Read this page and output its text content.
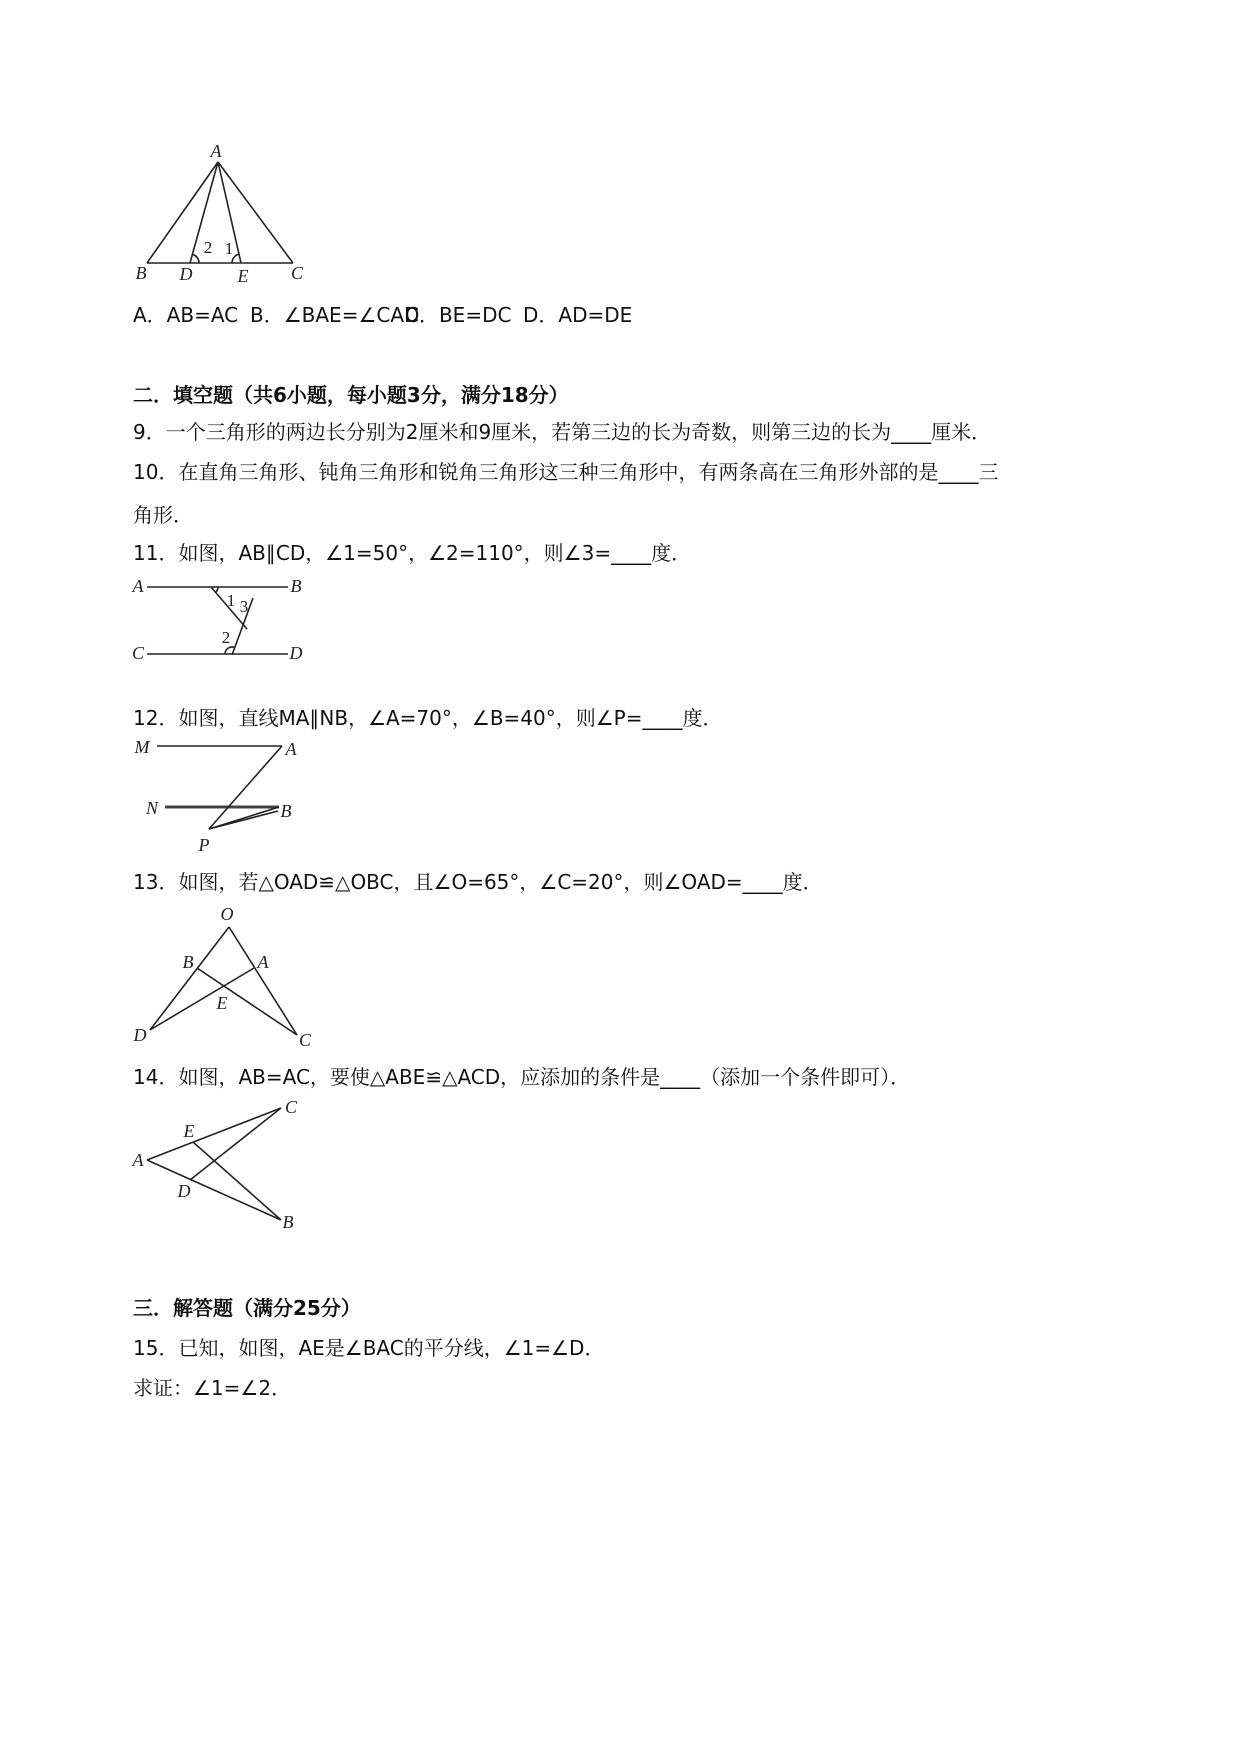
A
B D	E C
2 1
A．AB=AC B．∠BAE=∠CAD
C．BE=DC D．AD=DE
二．填空题（共6小题，每小题3分，满分18分）
9．一个三角形的两边长分别为2厘米和9厘米，若第三边的长为奇数，则第三边的长为____厘米．
10．在直角三角形、钝角三角形和锐角三角形这三种三角形中，有两条高在三角形外部的是____三
角形．
11．如图，AB∥CD，∠1=50°，∠2=110°，则∠3=____度．
A	B
C	D
1 3
2
12．如图，直线MA∥NB，∠A=70°，∠B=40°，则∠P=____度．
M	A
N	B
P
13．如图，若△OAD≌△OBC，且∠O=65°，∠C=20°，则∠OAD=____度．
O
B	A
E
D	C
14．如图，AB=AC，要使△ABE≌△ACD，应添加的条件是____（添加一个条件即可）．
A
C
E
D
B
三．解答题（满分25分）
15．已知，如图，AE是∠BAC的平分线，∠1=∠D．
求证：∠1=∠2．
